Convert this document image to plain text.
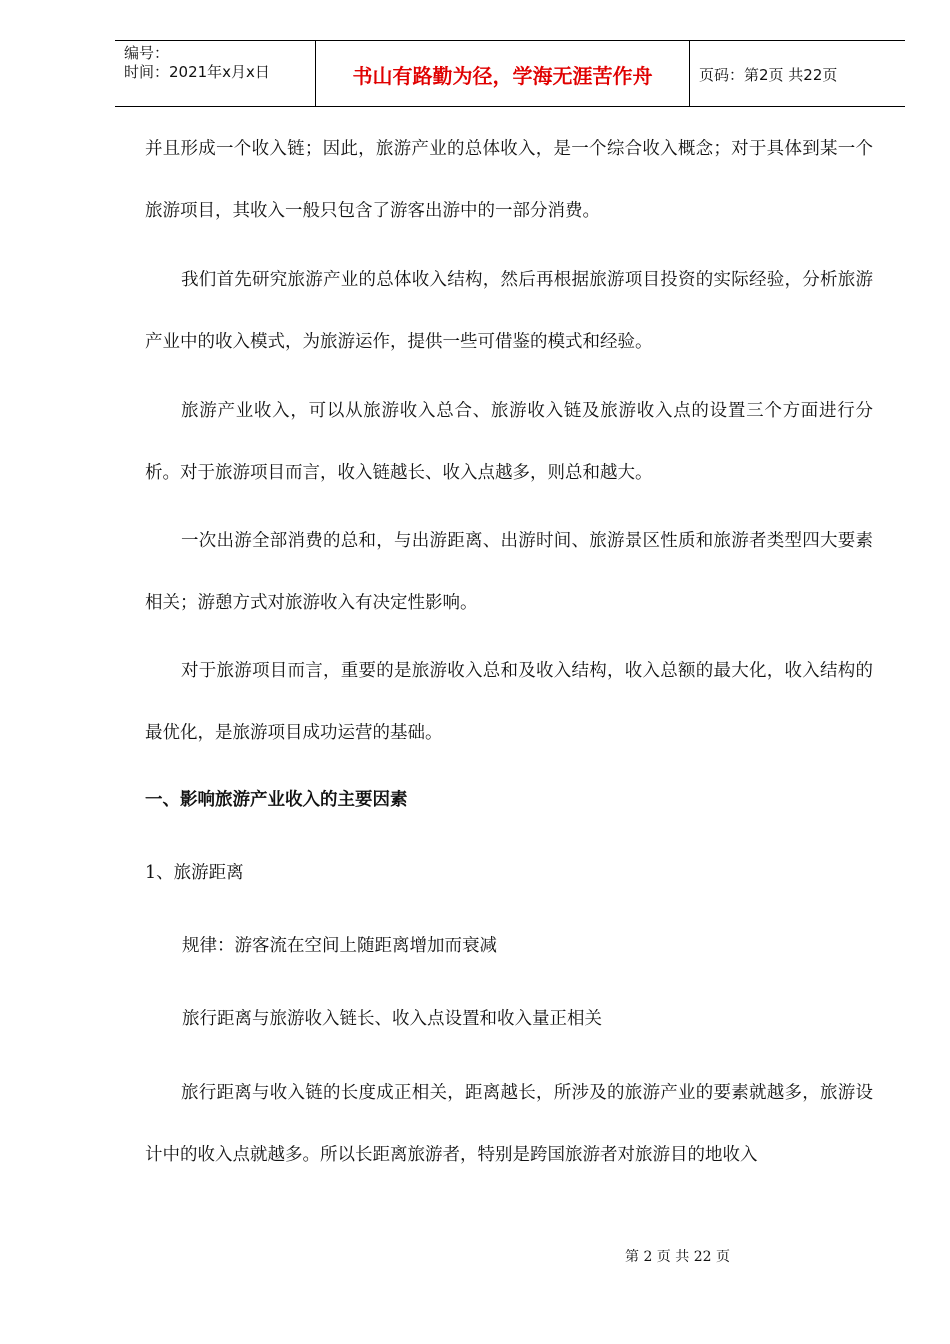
编号：
时间：2021年x月x日	书山有路勤为径，学海无涯苦作舟	页码：第2页 共22页

并且形成一个收入链；因此，旅游产业的总体收入，是一个综合收入概念；对于具体到某一个旅游项目，其收入一般只包含了游客出游中的一部分消费。

我们首先研究旅游产业的总体收入结构，然后再根据旅游项目投资的实际经验，分析旅游产业中的收入模式，为旅游运作，提供一些可借鉴的模式和经验。

旅游产业收入，可以从旅游收入总合、旅游收入链及旅游收入点的设置三个方面进行分析。对于旅游项目而言，收入链越长、收入点越多，则总和越大。

一次出游全部消费的总和，与出游距离、出游时间、旅游景区性质和旅游者类型四大要素相关；游憩方式对旅游收入有决定性影响。

对于旅游项目而言，重要的是旅游收入总和及收入结构，收入总额的最大化，收入结构的最优化，是旅游项目成功运营的基础。

一、影响旅游产业收入的主要因素

1、旅游距离

规律：游客流在空间上随距离增加而衰减

旅行距离与旅游收入链长、收入点设置和收入量正相关

旅行距离与收入链的长度成正相关，距离越长，所涉及的旅游产业的要素就越多，旅游设计中的收入点就越多。所以长距离旅游者，特别是跨国旅游者对旅游目的地收入

第 2 页 共 22 页
